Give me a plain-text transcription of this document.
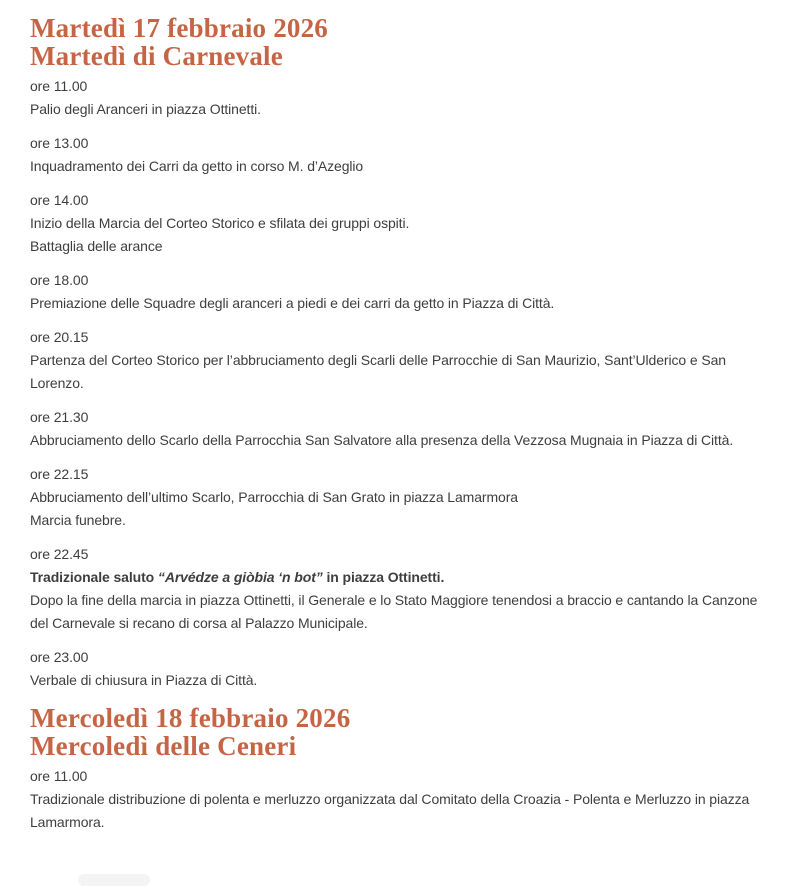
Martedì 17 febbraio 2026
Martedì di Carnevale

ore 11.00

Palio degli Aranceri in piazza Ottinetti.

ore 13.00

Inquadramento dei Carri da getto in corso M. d’Azeglio

ore 14.00

Inizio della Marcia del Corteo Storico e sfilata dei gruppi ospiti.

Battaglia delle arance

ore 18.00

Premiazione delle Squadre degli aranceri a piedi e dei carri da getto in Piazza di Città.

ore 20.15

Partenza del Corteo Storico per l’abbruciamento degli Scarli delle Parrocchie di San Maurizio, Sant’Ulderico e San Lorenzo.

ore 21.30

Abbruciamento dello Scarlo della Parrocchia San Salvatore alla presenza della Vezzosa Mugnaia in Piazza di Città.

ore 22.15

Abbruciamento dell’ultimo Scarlo, Parrocchia di San Grato in piazza Lamarmora

Marcia funebre.

ore 22.45

Tradizionale saluto “Arvédze a giòbia ‘n bot” in piazza Ottinetti.

Dopo la fine della marcia in piazza Ottinetti, il Generale e lo Stato Maggiore tenendosi a braccio e cantando la Canzone del Carnevale si recano di corsa al Palazzo Municipale.

ore 23.00

Verbale di chiusura in Piazza di Città.

Mercoledì 18 febbraio 2026
Mercoledì delle Ceneri

ore 11.00

Tradizionale distribuzione di polenta e merluzzo organizzata dal Comitato della Croazia - Polenta e Merluzzo in piazza Lamarmora.
